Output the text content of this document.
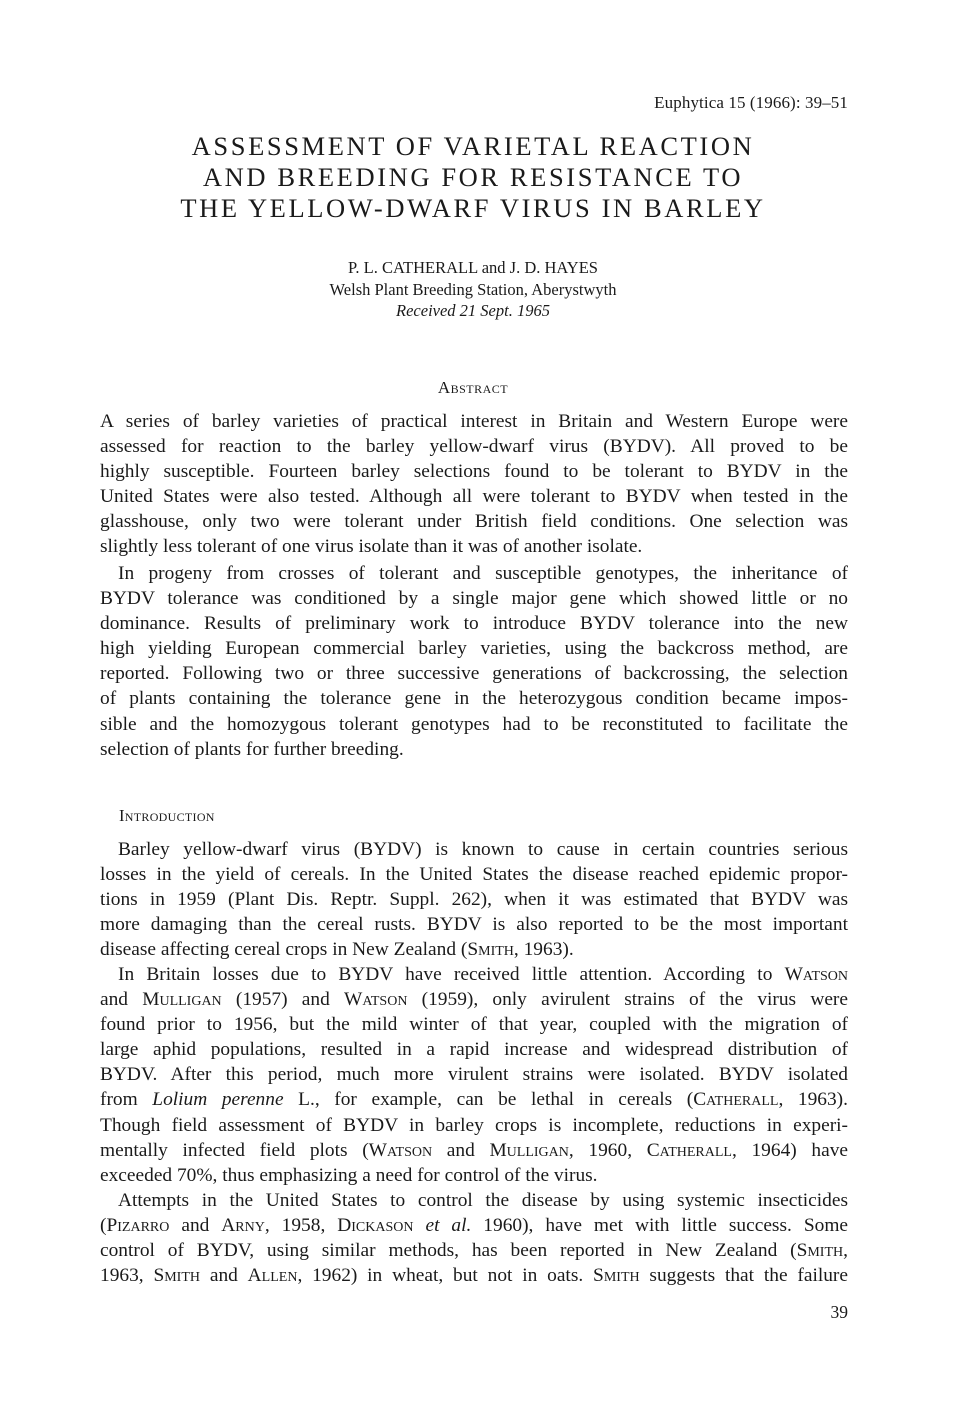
Euphytica 15 (1966): 39–51
ASSESSMENT OF VARIETAL REACTION
AND BREEDING FOR RESISTANCE TO
THE YELLOW-DWARF VIRUS IN BARLEY
P. L. CATHERALL and J. D. HAYES
Welsh Plant Breeding Station, Aberystwyth
Received 21 Sept. 1965
Abstract
A series of barley varieties of practical interest in Britain and Western Europe were
assessed for reaction to the barley yellow-dwarf virus (BYDV). All proved to be
highly susceptible. Fourteen barley selections found to be tolerant to BYDV in the
United States were also tested. Although all were tolerant to BYDV when tested in the
glasshouse, only two were tolerant under British field conditions. One selection was
slightly less tolerant of one virus isolate than it was of another isolate.
In progeny from crosses of tolerant and susceptible genotypes, the inheritance of
BYDV tolerance was conditioned by a single major gene which showed little or no
dominance. Results of preliminary work to introduce BYDV tolerance into the new
high yielding European commercial barley varieties, using the backcross method, are
reported. Following two or three successive generations of backcrossing, the selection
of plants containing the tolerance gene in the heterozygous condition became impos-
sible and the homozygous tolerant genotypes had to be reconstituted to facilitate the
selection of plants for further breeding.
Introduction
Barley yellow-dwarf virus (BYDV) is known to cause in certain countries serious
losses in the yield of cereals. In the United States the disease reached epidemic propor-
tions in 1959 (Plant Dis. Reptr. Suppl. 262), when it was estimated that BYDV was
more damaging than the cereal rusts. BYDV is also reported to be the most important
disease affecting cereal crops in New Zealand (Smith, 1963).
In Britain losses due to BYDV have received little attention. According to Watson
and Mulligan (1957) and Watson (1959), only avirulent strains of the virus were
found prior to 1956, but the mild winter of that year, coupled with the migration of
large aphid populations, resulted in a rapid increase and widespread distribution of
BYDV. After this period, much more virulent strains were isolated. BYDV isolated
from Lolium perenne L., for example, can be lethal in cereals (Catherall, 1963).
Though field assessment of BYDV in barley crops is incomplete, reductions in experi-
mentally infected field plots (Watson and Mulligan, 1960, Catherall, 1964) have
exceeded 70%, thus emphasizing a need for control of the virus.
Attempts in the United States to control the disease by using systemic insecticides
(Pizarro and Arny, 1958, Dickason et al. 1960), have met with little success. Some
control of BYDV, using similar methods, has been reported in New Zealand (Smith,
1963, Smith and Allen, 1962) in wheat, but not in oats. Smith suggests that the failure
39
